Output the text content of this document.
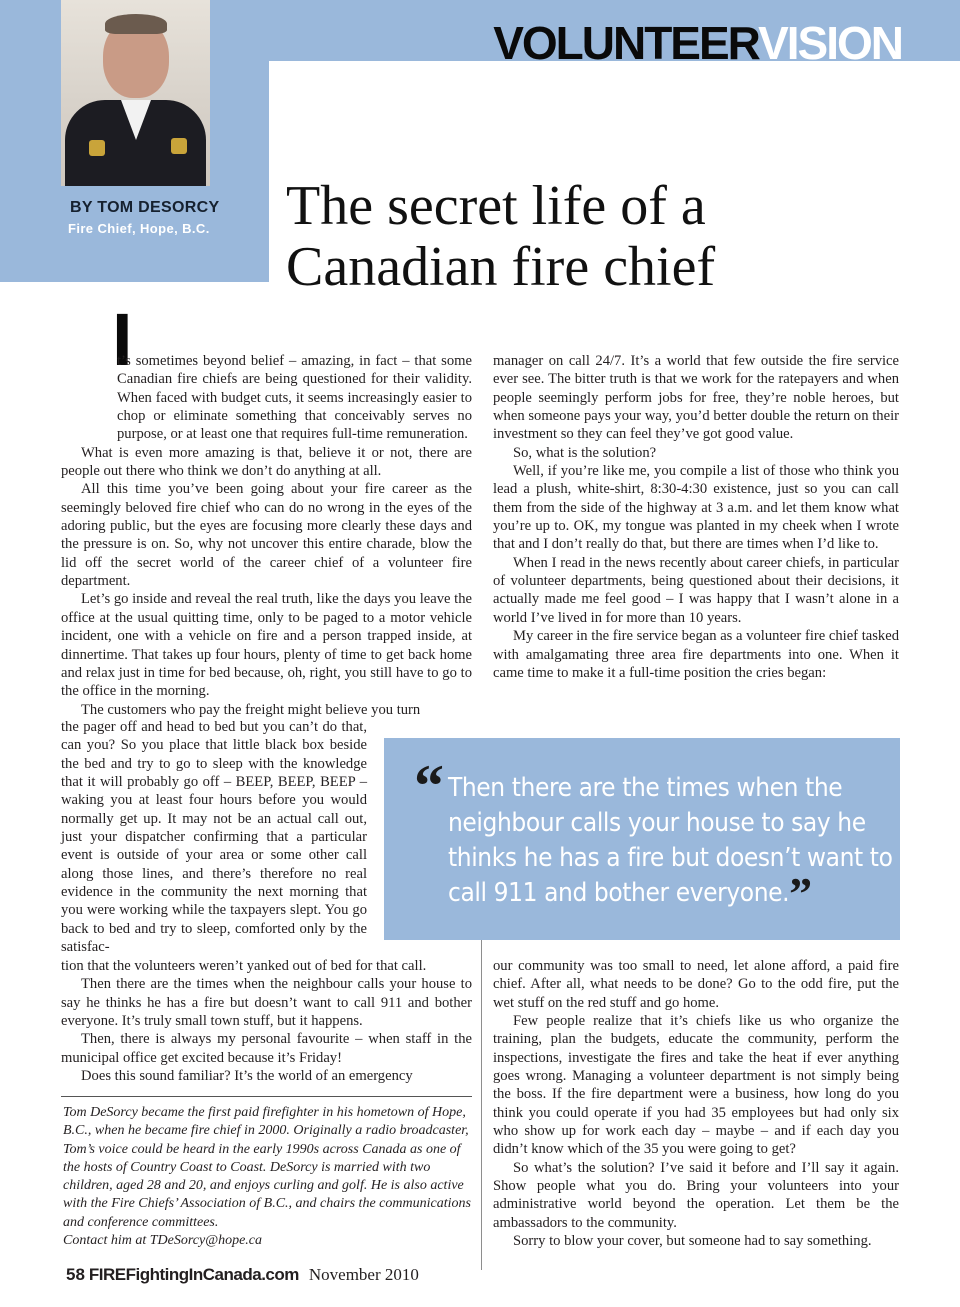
VOLUNTEERVISION
BY TOM DESORCY
Fire Chief, Hope, B.C. The secret life of a
Canadian fire chief
I

t’s sometimes beyond belief – amazing, in fact – that some Canadian fire chiefs are being questioned for their validity. When faced with budget cuts, it seems increasingly easier to chop or eliminate something that conceivably serves no purpose, or at least one that requires full-time remuneration.

What is even more amazing is that, believe it or not, there are people out there who think we don’t do anything at all.

All this time you’ve been going about your fire career as the seemingly beloved fire chief who can do no wrong in the eyes of the adoring public, but the eyes are focusing more clearly these days and the pressure is on. So, why not uncover this entire charade, blow the lid off the secret world of the career chief of a volunteer fire department.

Let’s go inside and reveal the real truth, like the days you leave the office at the usual quitting time, only to be paged to a motor vehicle incident, one with a vehicle on fire and a person trapped inside, at dinnertime. That takes up four hours, plenty of time to get back home and relax just in time for bed because, oh, right, you still have to go to the office in the morning.

The customers who pay the freight might believe you turn

the pager off and head to bed but you can’t do that, can you? So you place that little black box beside the bed and try to go to sleep with the knowledge that it will probably go off – BEEP, BEEP, BEEP – waking you at least four hours before you would normally get up. It may not be an actual call out, just your dispatcher confirming that a particular event is outside of your area or some other call along those lines, and there’s therefore no real evidence in the community the next morning that you were working while the taxpayers slept. You go back to bed and try to sleep, comforted only by the satisfac-

tion that the volunteers weren’t yanked out of bed for that call.

Then there are the times when the neighbour calls your house to say he thinks he has a fire but doesn’t want to call 911 and bother everyone. It’s truly small town stuff, but it happens.

Then, there is always my personal favourite – when staff in the municipal office get excited because it’s Friday!

Does this sound familiar? It’s the world of an emergency

manager on call 24/7. It’s a world that few outside the fire service ever see. The bitter truth is that we work for the ratepayers and when people seemingly perform jobs for free, they’re noble heroes, but when someone pays your way, you’d better double the return on their investment so they can feel they’ve got good value.

So, what is the solution?

Well, if you’re like me, you compile a list of those who think you lead a plush, white-shirt, 8:30-4:30 existence, just so you can call them from the side of the highway at 3 a.m. and let them know what you’re up to. OK, my tongue was planted in my cheek when I wrote that and I don’t really do that, but there are times when I’d like to.

When I read in the news recently about career chiefs, in particular of volunteer departments, being questioned about their decisions, it actually made me feel good – I was happy that I wasn’t alone in a world I’ve lived in for more than 10 years.

My career in the fire service began as a volunteer fire chief tasked with amalgamating three area fire departments into one. When it came time to make it a full-time position the cries began:

“ Then there are the times when the neighbour calls your house to say he thinks he has a fire but doesn’t want to call 911 and bother everyone.”

our community was too small to need, let alone afford, a paid fire chief. After all, what needs to be done? Go to the odd fire, put the wet stuff on the red stuff and go home.

Few people realize that it’s chiefs like us who organize the training, plan the budgets, educate the community, perform the inspections, investigate the fires and take the heat if ever anything goes wrong. Managing a volunteer department is not simply being the boss. If the fire department were a business, how long do you think you could operate if you had 35 employees but had only six who show up for work each day – maybe – and if each day you didn’t know which of the 35 you were going to get?

So what’s the solution? I’ve said it before and I’ll say it again. Show people what you do. Bring your volunteers into your administrative world beyond the operation. Let them be the ambassadors to the community.

Sorry to blow your cover, but someone had to say something.

Tom DeSorcy became the first paid firefighter in his hometown of Hope, B.C., when he became fire chief in 2000. Originally a radio broadcaster, Tom’s voice could be heard in the early 1990s across Canada as one of the hosts of Country Coast to Coast. DeSorcy is married with two children, aged 28 and 20, and enjoys curling and golf. He is also active with the Fire Chiefs’ Association of B.C., and chairs the communications and conference committees.

Contact him at TDeSorcy@hope.ca

58 FIREFightingInCanada.com November 2010
